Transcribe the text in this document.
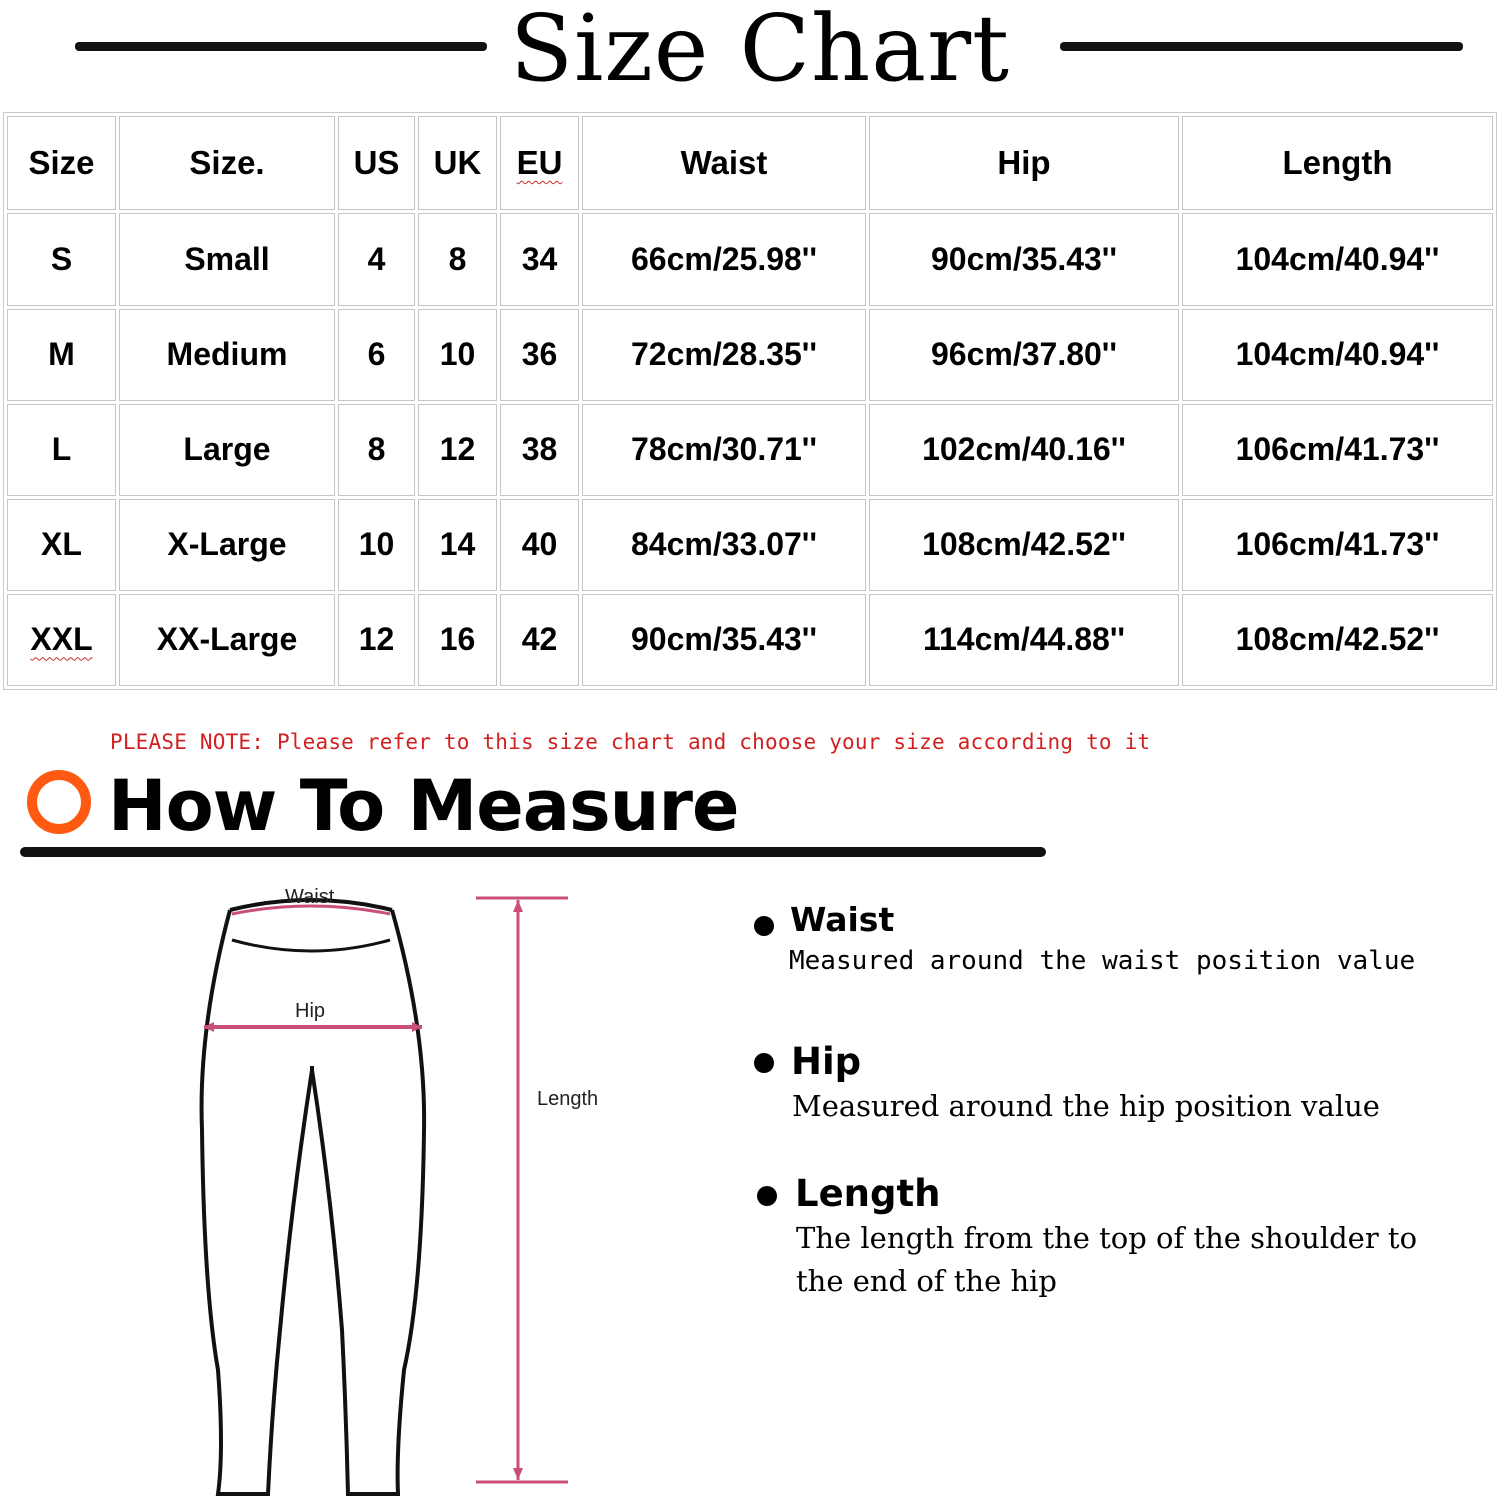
Size Chart
Size	Size.	US	UK	EU	Waist	Hip	Length
S	Small	4	8	34	66cm/25.98''	90cm/35.43''	104cm/40.94''
M	Medium	6	10	36	72cm/28.35''	96cm/37.80''	104cm/40.94''
L	Large	8	12	38	78cm/30.71''	102cm/40.16''	106cm/41.73''
XL	X-Large	10	14	40	84cm/33.07''	108cm/42.52''	106cm/41.73''
XXL	XX-Large	12	16	42	90cm/35.43''	114cm/44.88''	108cm/42.52''
PLEASE NOTE: Please refer to this size chart and choose your size according to it
How To Measure
Waist
Hip
Length
Waist
Measured around the waist position value
Hip
Measured around the hip position value
Length
The length from the top of the shoulder to
the end of the hip
